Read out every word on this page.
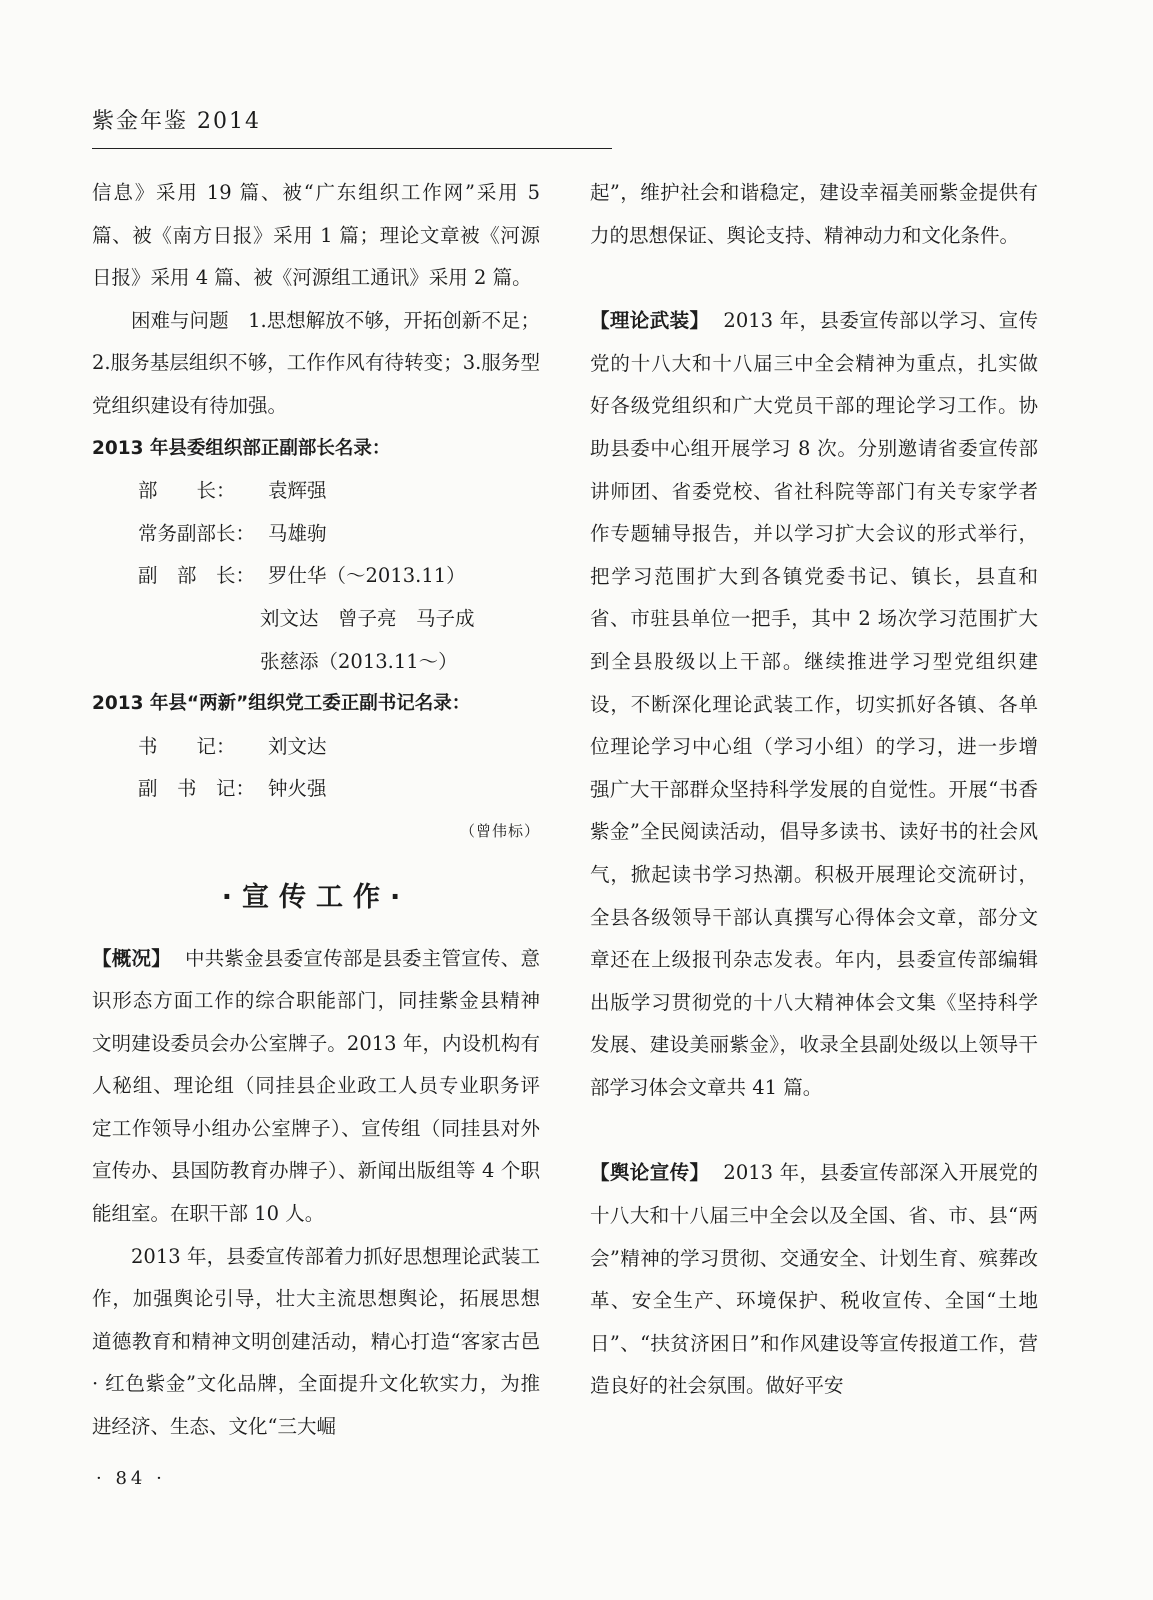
紫金年鉴 2014

信息》采用 19 篇、被“广东组织工作网”采用 5 篇、被《南方日报》采用 1 篇；理论文章被《河源日报》采用 4 篇、被《河源组工通讯》采用 2 篇。

困难与问题　1.思想解放不够，开拓创新不足；2.服务基层组织不够，工作作风有待转变；3.服务型党组织建设有待加强。

2013 年县委组织部正副部长名录：

部　　长：	袁辉强
常务副部长： 马雄驹
副　部　长： 罗仕华（～2013.11）
刘文达　曾子亮　马子成
张慈添（2013.11～）

2013 年县“两新”组织党工委正副书记名录：

书　　记：	刘文达
副　书　记： 钟火强
（曾伟标）
·宣传工作·

【概况】 中共紫金县委宣传部是县委主管宣传、意识形态方面工作的综合职能部门，同挂紫金县精神文明建设委员会办公室牌子。2013 年，内设机构有人秘组、理论组（同挂县企业政工人员专业职务评定工作领导小组办公室牌子）、宣传组（同挂县对外宣传办、县国防教育办牌子）、新闻出版组等 4 个职能组室。在职干部 10 人。

2013 年，县委宣传部着力抓好思想理论武装工作，加强舆论引导，壮大主流思想舆论，拓展思想道德教育和精神文明创建活动，精心打造“客家古邑 · 红色紫金”文化品牌，全面提升文化软实力，为推进经济、生态、文化“三大崛

起”，维护社会和谐稳定，建设幸福美丽紫金提供有力的思想保证、舆论支持、精神动力和文化条件。

【理论武装】 2013 年，县委宣传部以学习、宣传党的十八大和十八届三中全会精神为重点，扎实做好各级党组织和广大党员干部的理论学习工作。协助县委中心组开展学习 8 次。分别邀请省委宣传部讲师团、省委党校、省社科院等部门有关专家学者作专题辅导报告，并以学习扩大会议的形式举行，把学习范围扩大到各镇党委书记、镇长，县直和省、市驻县单位一把手，其中 2 场次学习范围扩大到全县股级以上干部。继续推进学习型党组织建设，不断深化理论武装工作，切实抓好各镇、各单位理论学习中心组（学习小组）的学习，进一步增强广大干部群众坚持科学发展的自觉性。开展“书香紫金”全民阅读活动，倡导多读书、读好书的社会风气，掀起读书学习热潮。积极开展理论交流研讨，全县各级领导干部认真撰写心得体会文章，部分文章还在上级报刊杂志发表。年内，县委宣传部编辑出版学习贯彻党的十八大精神体会文集《坚持科学发展、建设美丽紫金》，收录全县副处级以上领导干部学习体会文章共 41 篇。

【舆论宣传】 2013 年，县委宣传部深入开展党的十八大和十八届三中全会以及全国、省、市、县“两会”精神的学习贯彻、交通安全、计划生育、殡葬改革、安全生产、环境保护、税收宣传、全国“土地日”、“扶贫济困日”和作风建设等宣传报道工作，营造良好的社会氛围。做好平安

· 84 ·
